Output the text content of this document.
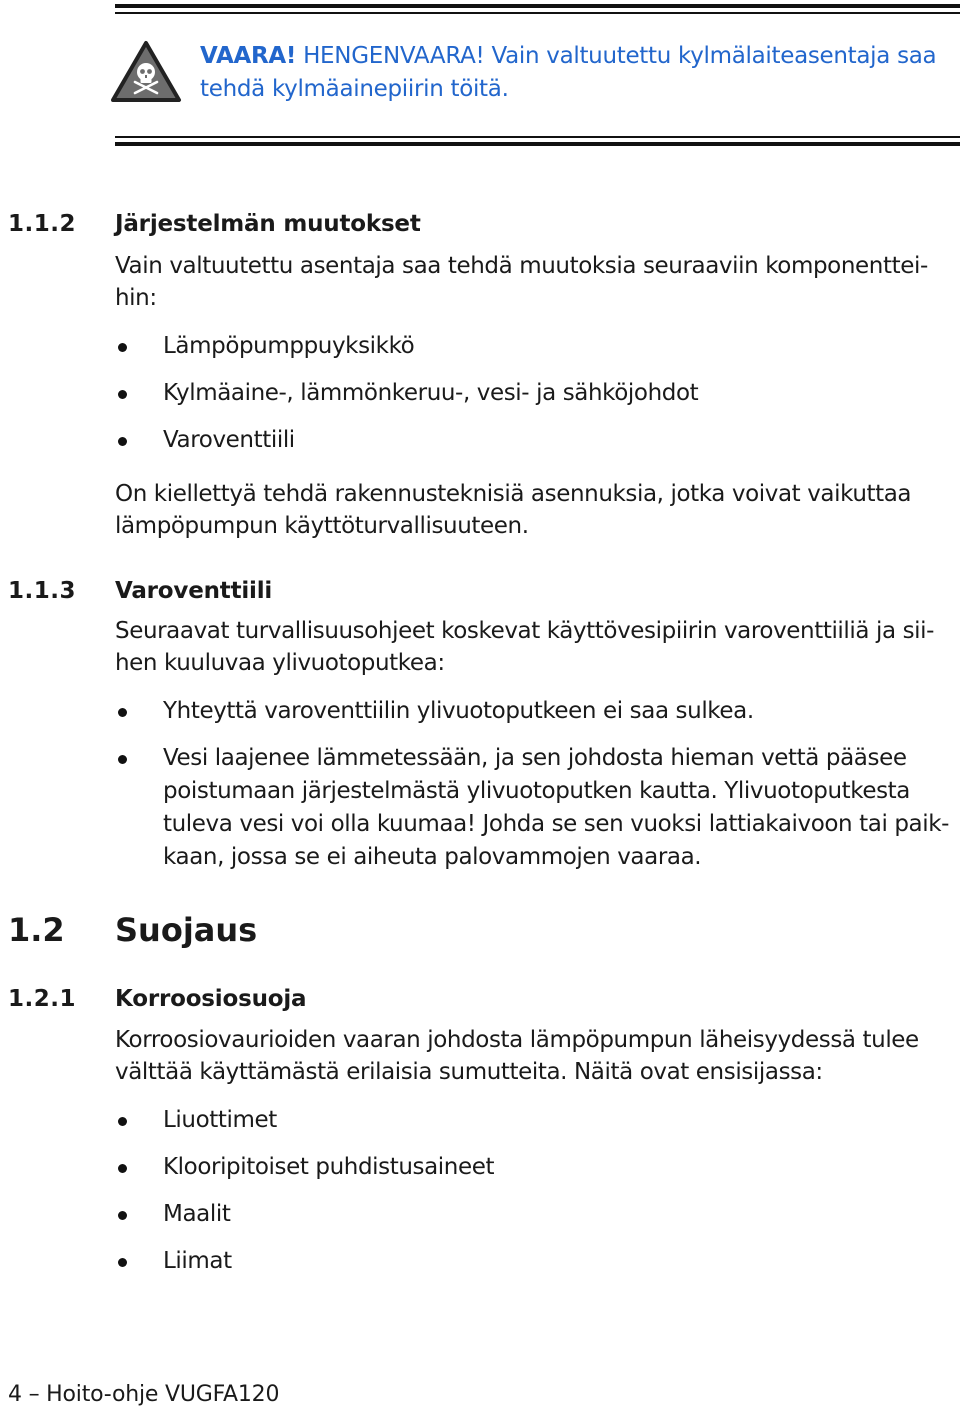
VAARA! HENGENVAARA! Vain valtuutettu kylmälaiteasentaja saa tehdä kylmäainepiirin töitä.
1.1.2 Järjestelmän muutokset
Vain valtuutettu asentaja saa tehdä muutoksia seuraaviin komponentteihin:
Lämpöpumppuyksikkö
Kylmäaine-, lämmönkeruu-, vesi- ja sähköjohdot
Varoventtiili
On kiellettyä tehdä rakennusteknisiä asennuksia, jotka voivat vaikuttaa lämpöpumpun käyttöturvallisuuteen.
1.1.3 Varoventtiili
Seuraavat turvallisuusohjeet koskevat käyttövesipiirin varoventtiiliä ja siihen kuuluvaa ylivuotoputkea:
Yhteyttä varoventtiilin ylivuotoputkeen ei saa sulkea.
Vesi laajenee lämmetessään, ja sen johdosta hieman vettä pääsee poistumaan järjestelmästä ylivuotoputken kautta. Ylivuotoputkesta tuleva vesi voi olla kuumaa! Johda se sen vuoksi lattiakaivoon tai paikkaan, jossa se ei aiheuta palovammojen vaaraa.
1.2 Suojaus
1.2.1 Korroosiosuoja
Korroosiovaurioiden vaaran johdosta lämpöpumpun läheisyydessä tulee välttää käyttämästä erilaisia sumutteita. Näitä ovat ensisijassa:
Liuottimet
Klooripitoiset puhdistusaineet
Maalit
Liimat
4 – Hoito-ohje VUGFA120
